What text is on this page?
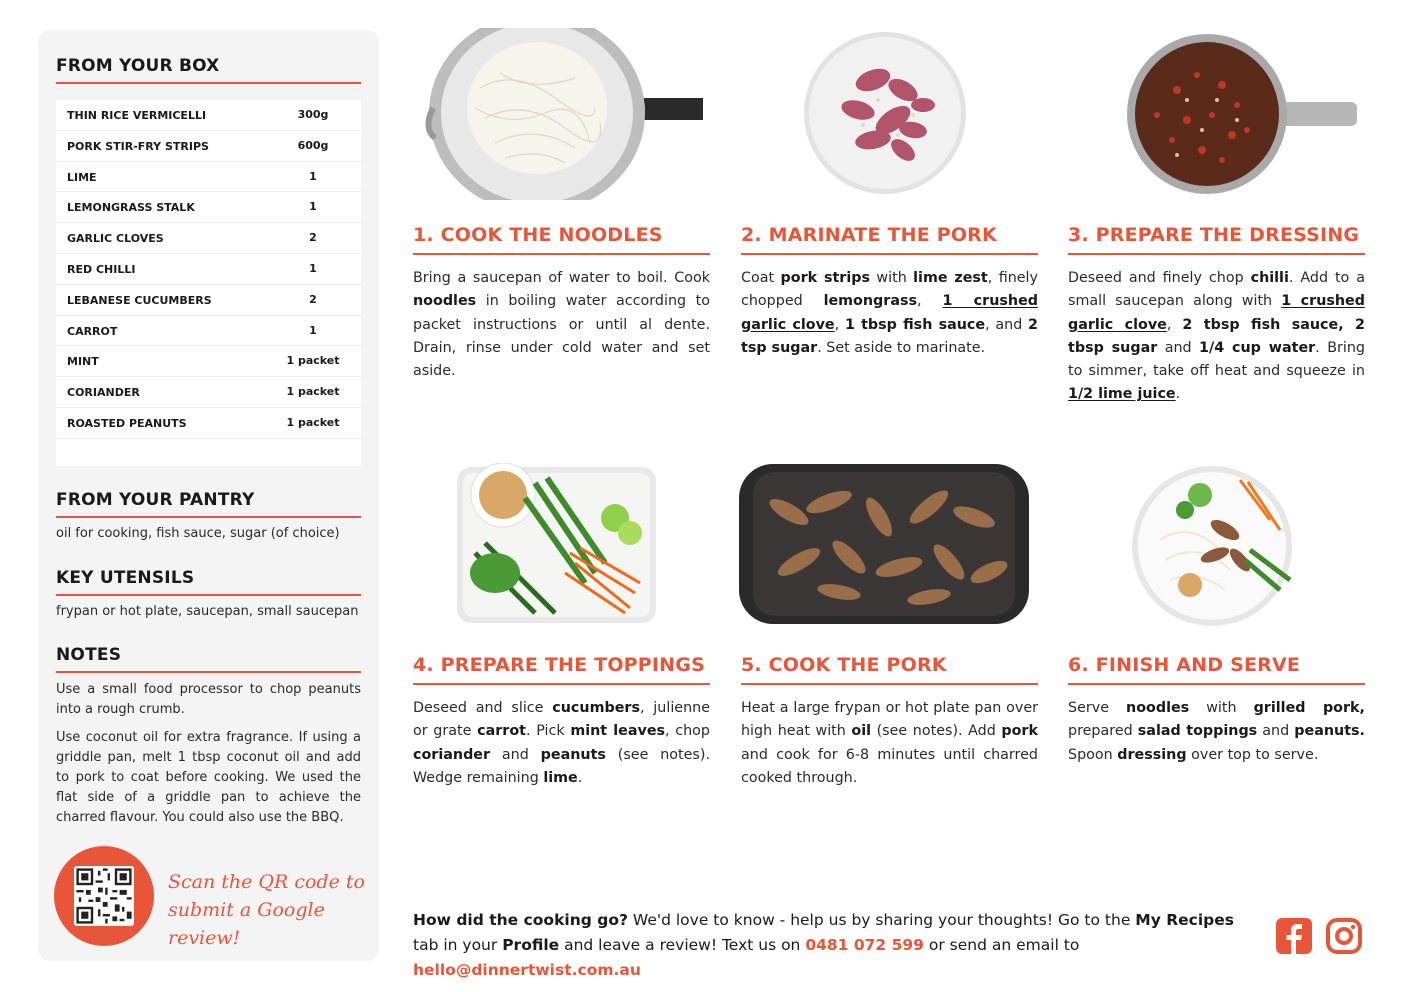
FROM YOUR BOX
THIN RICE VERMICELLI	300g
PORK STIR-FRY STRIPS	600g
LIME	1
LEMONGRASS STALK	1
GARLIC CLOVES	2
RED CHILLI	1
LEBANESE CUCUMBERS	2
CARROT	1
MINT	1 packet
CORIANDER	1 packet
ROASTED PEANUTS	1 packet
FROM YOUR PANTRY
oil for cooking, fish sauce, sugar (of choice)
KEY UTENSILS
frypan or hot plate, saucepan, small saucepan
NOTES
Use a small food processor to chop peanuts into a rough crumb.
Use coconut oil for extra fragrance. If using a griddle pan, melt 1 tbsp coconut oil and add to pork to coat before cooking. We used the flat side of a griddle pan to achieve the charred flavour. You could also use the BBQ.
Scan the QR code to
submit a Google review!
1. COOK THE NOODLES
Bring a saucepan of water to boil. Cook noodles in boiling water according to packet instructions or until al dente. Drain, rinse under cold water and set aside.
2. MARINATE THE PORK
Coat pork strips with lime zest, finely chopped lemongrass, 1 crushed garlic clove, 1 tbsp fish sauce, and 2 tsp sugar. Set aside to marinate.
3. PREPARE THE DRESSING
Deseed and finely chop chilli. Add to a small saucepan along with 1 crushed garlic clove, 2 tbsp fish sauce, 2 tbsp sugar and 1/4 cup water. Bring to simmer, take off heat and squeeze in 1/2 lime juice.
4. PREPARE THE TOPPINGS
Deseed and slice cucumbers, julienne or grate carrot. Pick mint leaves, chop coriander and peanuts (see notes). Wedge remaining lime.
5. COOK THE PORK
Heat a large frypan or hot plate pan over high heat with oil (see notes). Add pork and cook for 6-8 minutes until charred cooked through.
6. FINISH AND SERVE
Serve noodles with grilled pork, prepared salad toppings and peanuts. Spoon dressing over top to serve.
How did the cooking go? We'd love to know - help us by sharing your thoughts! Go to the My Recipes tab in your Profile and leave a review! Text us on 0481 072 599 or send an email to hello@dinnertwist.com.au
